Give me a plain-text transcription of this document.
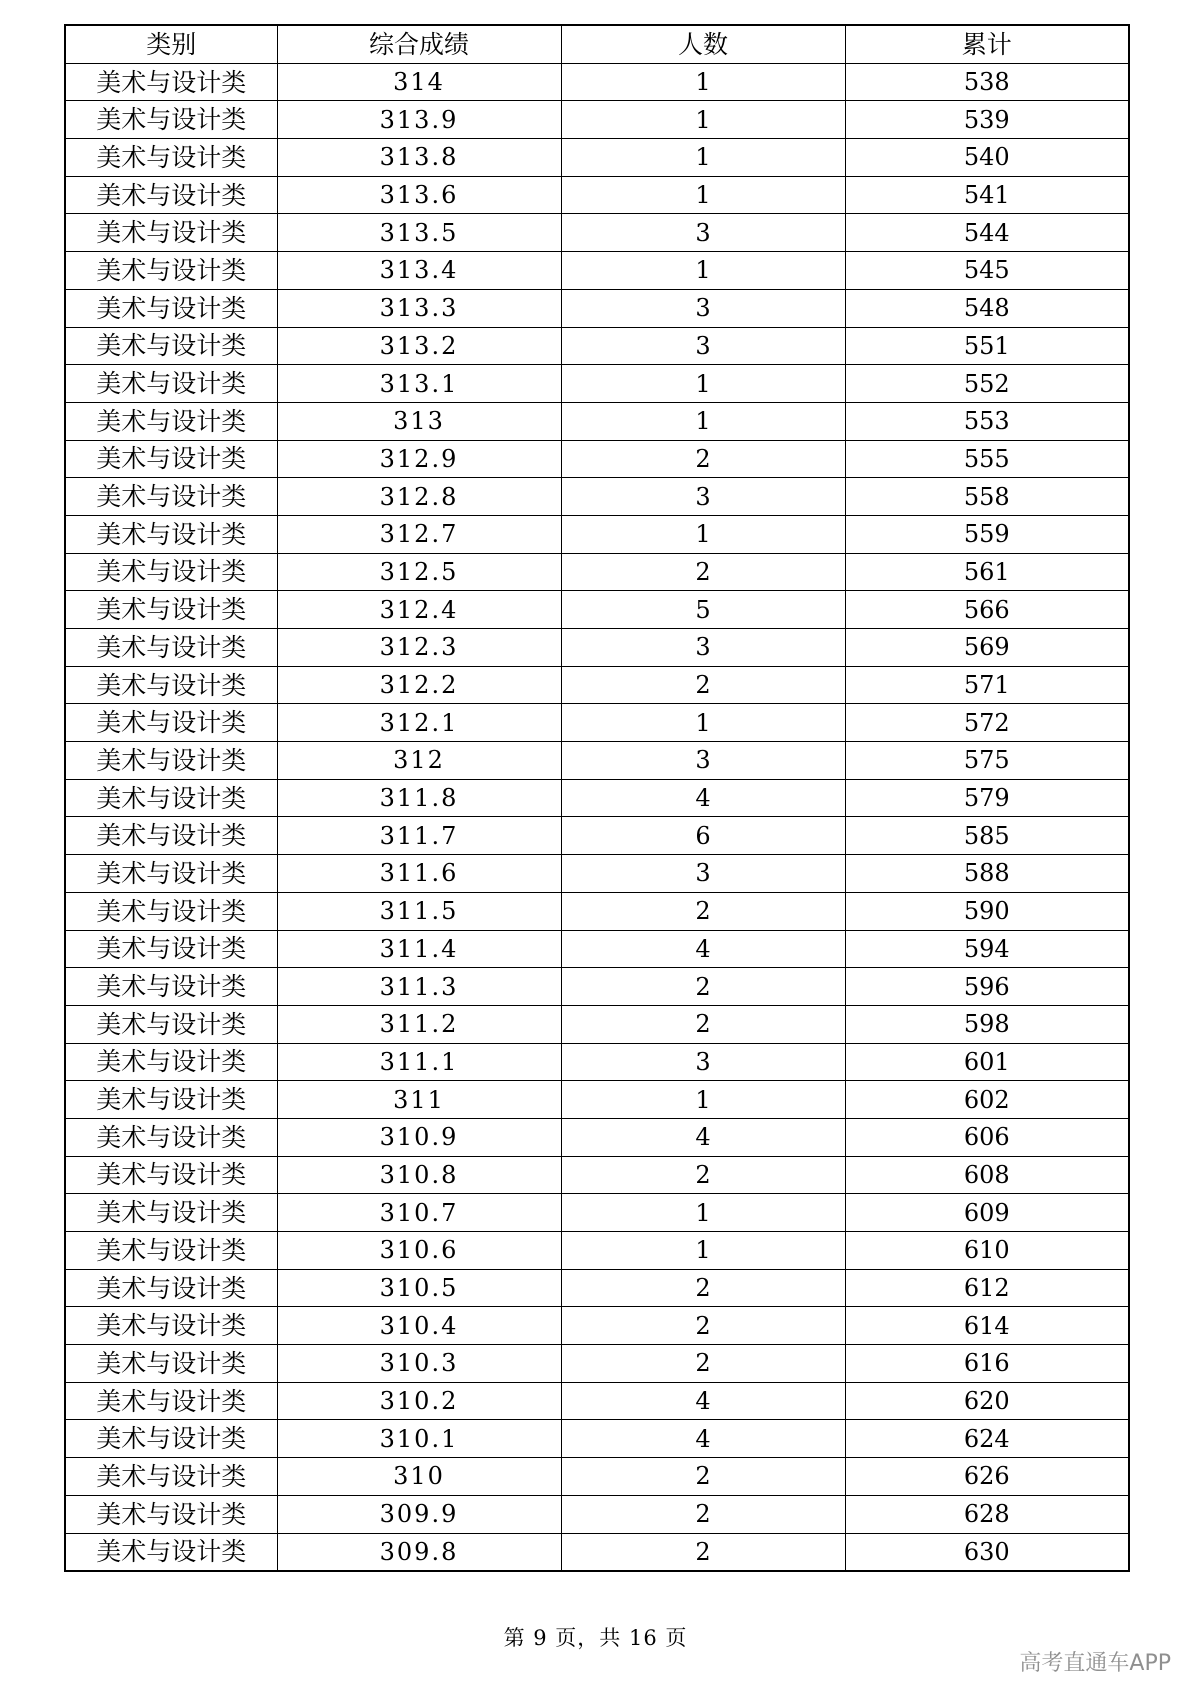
类别	综合成绩	人数	累计
美术与设计类	314	1	538
美术与设计类	313.9	1	539
美术与设计类	313.8	1	540
美术与设计类	313.6	1	541
美术与设计类	313.5	3	544
美术与设计类	313.4	1	545
美术与设计类	313.3	3	548
美术与设计类	313.2	3	551
美术与设计类	313.1	1	552
美术与设计类	313	1	553
美术与设计类	312.9	2	555
美术与设计类	312.8	3	558
美术与设计类	312.7	1	559
美术与设计类	312.5	2	561
美术与设计类	312.4	5	566
美术与设计类	312.3	3	569
美术与设计类	312.2	2	571
美术与设计类	312.1	1	572
美术与设计类	312	3	575
美术与设计类	311.8	4	579
美术与设计类	311.7	6	585
美术与设计类	311.6	3	588
美术与设计类	311.5	2	590
美术与设计类	311.4	4	594
美术与设计类	311.3	2	596
美术与设计类	311.2	2	598
美术与设计类	311.1	3	601
美术与设计类	311	1	602
美术与设计类	310.9	4	606
美术与设计类	310.8	2	608
美术与设计类	310.7	1	609
美术与设计类	310.6	1	610
美术与设计类	310.5	2	612
美术与设计类	310.4	2	614
美术与设计类	310.3	2	616
美术与设计类	310.2	4	620
美术与设计类	310.1	4	624
美术与设计类	310	2	626
美术与设计类	309.9	2	628
美术与设计类	309.8	2	630
第 9 页，共 16 页
高考直通车APP
